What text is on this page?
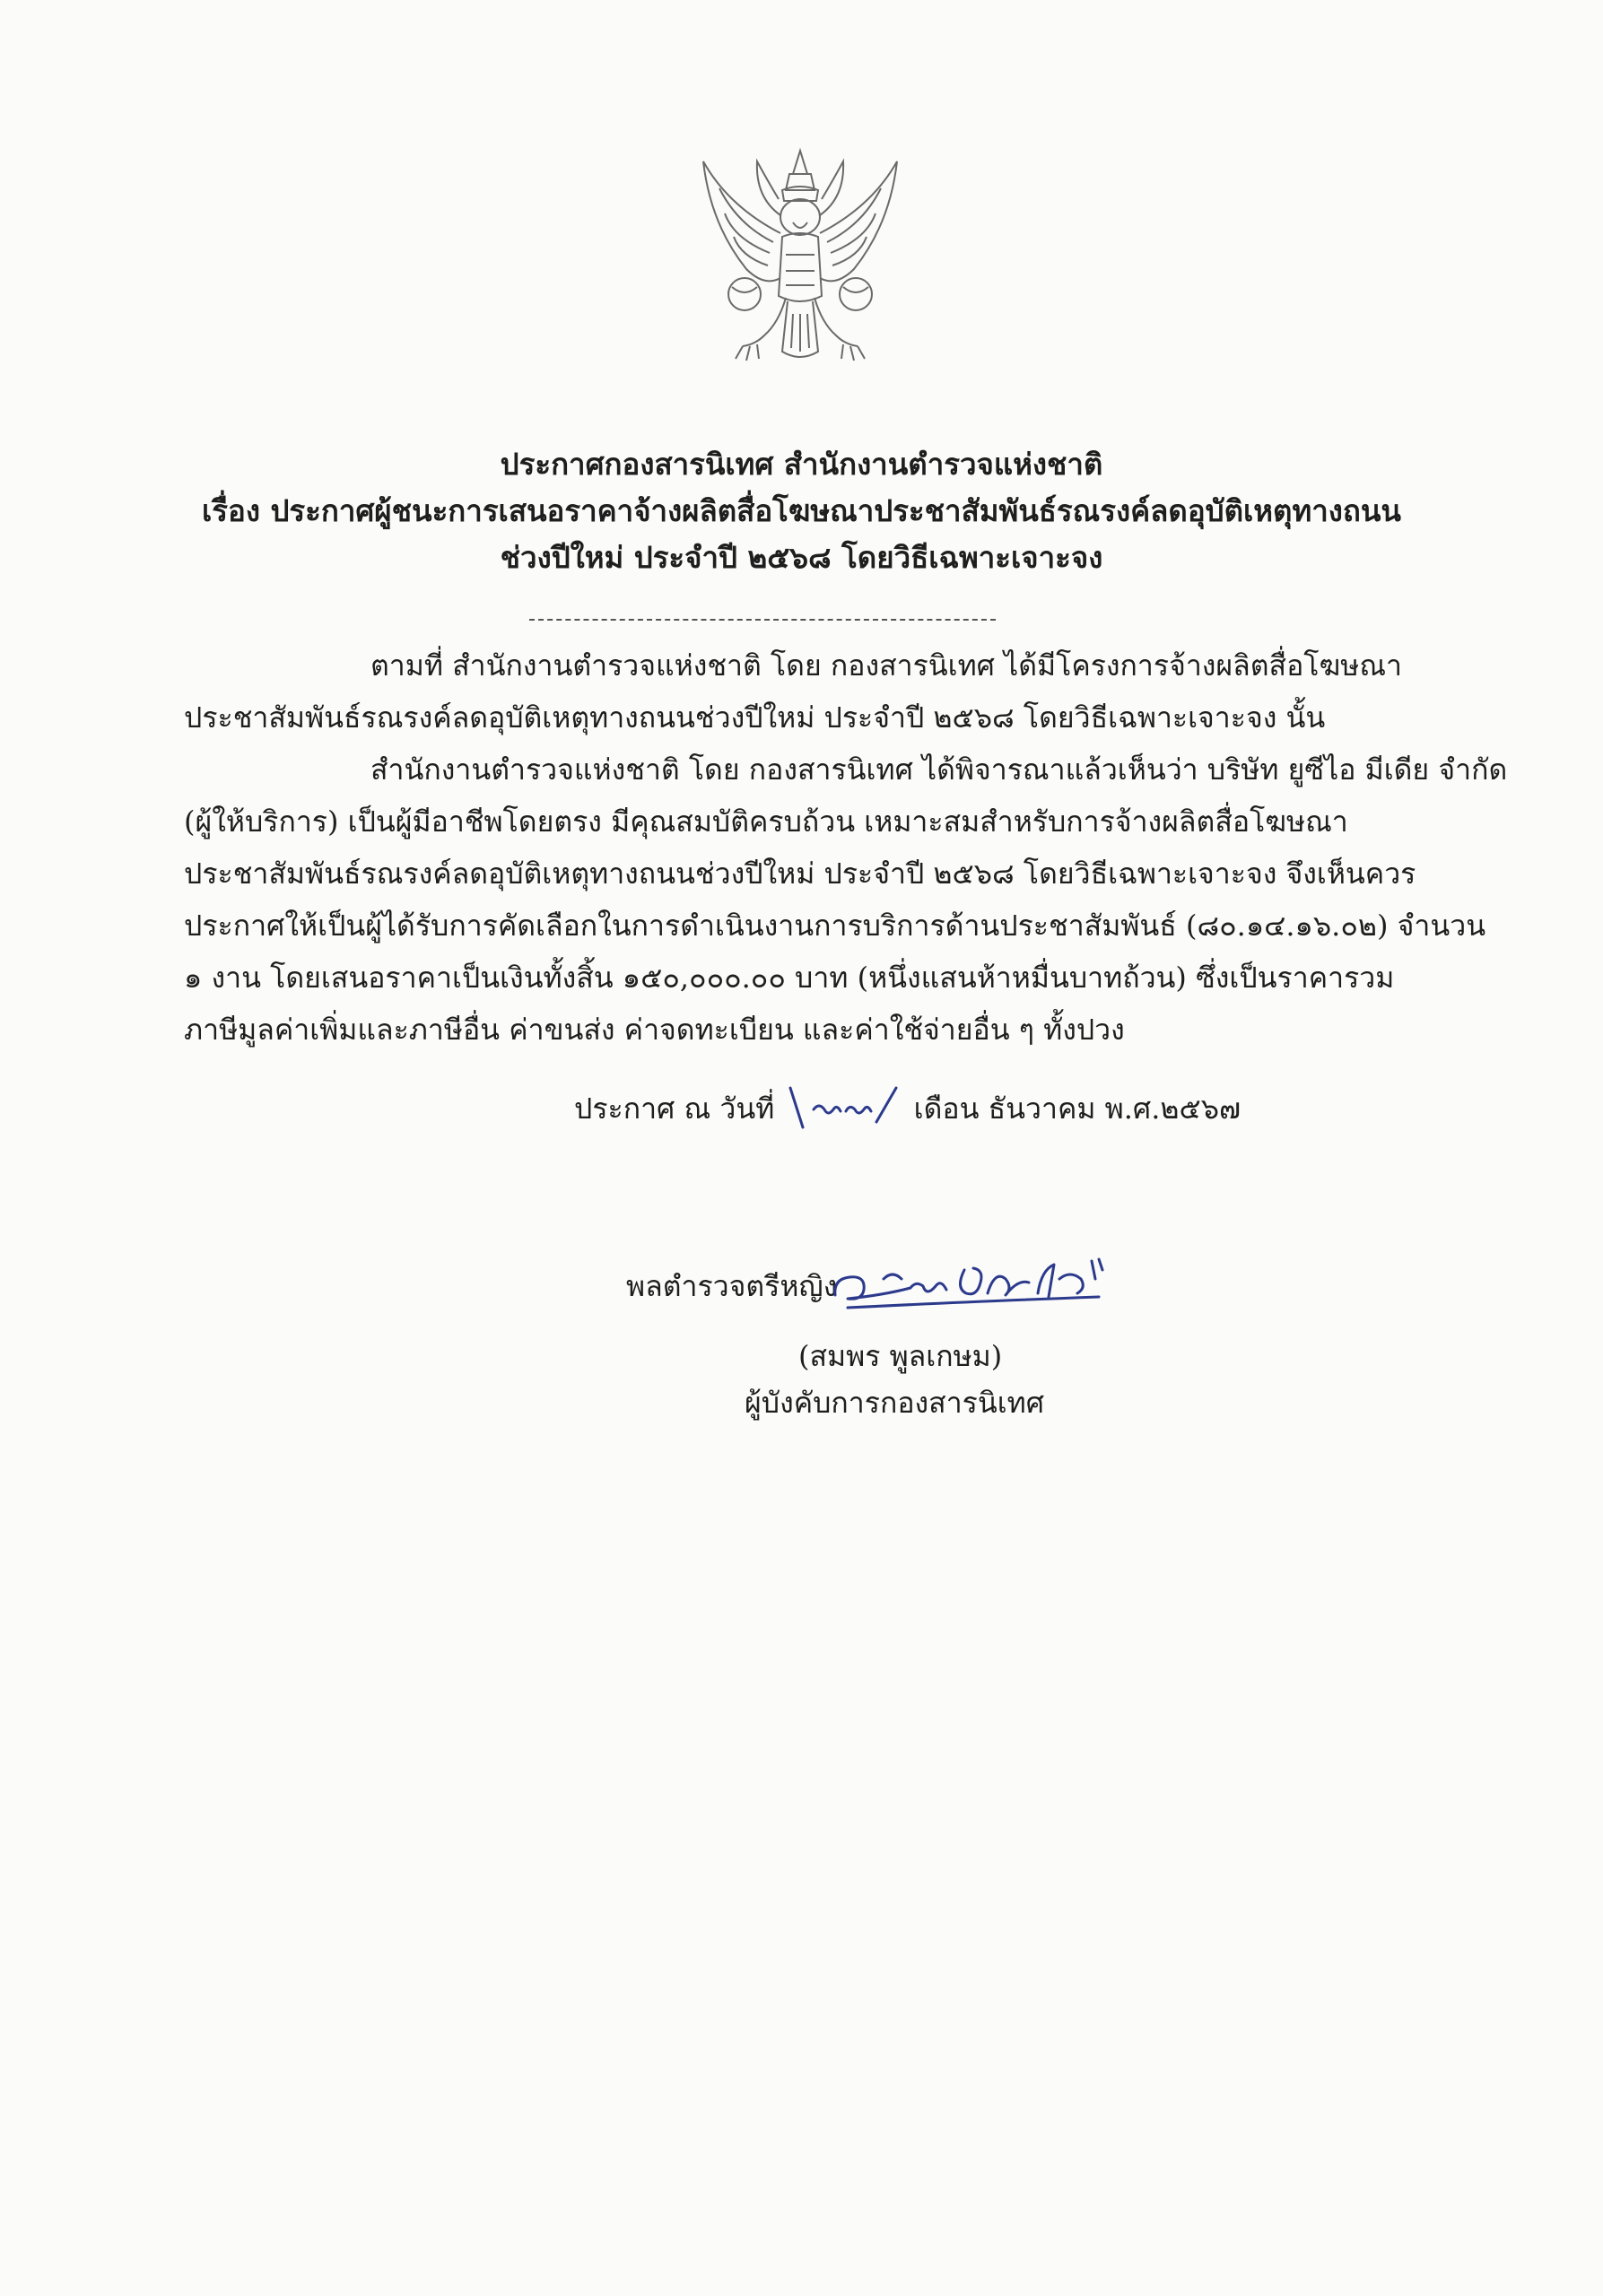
ประกาศกองสารนิเทศ สำนักงานตำรวจแห่งชาติ
เรื่อง ประกาศผู้ชนะการเสนอราคาจ้างผลิตสื่อโฆษณาประชาสัมพันธ์รณรงค์ลดอุบัติเหตุทางถนน
ช่วงปีใหม่ ประจำปี ๒๕๖๘ โดยวิธีเฉพาะเจาะจง
ตามที่ สำนักงานตำรวจแห่งชาติ โดย กองสารนิเทศ ได้มีโครงการจ้างผลิตสื่อโฆษณา
ประชาสัมพันธ์รณรงค์ลดอุบัติเหตุทางถนนช่วงปีใหม่ ประจำปี ๒๕๖๘ โดยวิธีเฉพาะเจาะจง นั้น
สำนักงานตำรวจแห่งชาติ โดย กองสารนิเทศ ได้พิจารณาแล้วเห็นว่า บริษัท ยูซีไอ มีเดีย จำกัด
(ผู้ให้บริการ) เป็นผู้มีอาชีพโดยตรง มีคุณสมบัติครบถ้วน เหมาะสมสำหรับการจ้างผลิตสื่อโฆษณา
ประชาสัมพันธ์รณรงค์ลดอุบัติเหตุทางถนนช่วงปีใหม่ ประจำปี ๒๕๖๘ โดยวิธีเฉพาะเจาะจง จึงเห็นควร
ประกาศให้เป็นผู้ได้รับการคัดเลือกในการดำเนินงานการบริการด้านประชาสัมพันธ์ (๘๐.๑๔.๑๖.๐๒) จำนวน
๑ งาน โดยเสนอราคาเป็นเงินทั้งสิ้น ๑๕๐,๐๐๐.๐๐ บาท (หนึ่งแสนห้าหมื่นบาทถ้วน) ซึ่งเป็นราคารวม
ภาษีมูลค่าเพิ่มและภาษีอื่น ค่าขนส่ง ค่าจดทะเบียน และค่าใช้จ่ายอื่น ๆ ทั้งปวง
ประกาศ ณ วันที่	เดือน ธันวาคม พ.ศ.๒๕๖๗
พลตำรวจตรีหญิง
(สมพร พูลเกษม)
ผู้บังคับการกองสารนิเทศ
